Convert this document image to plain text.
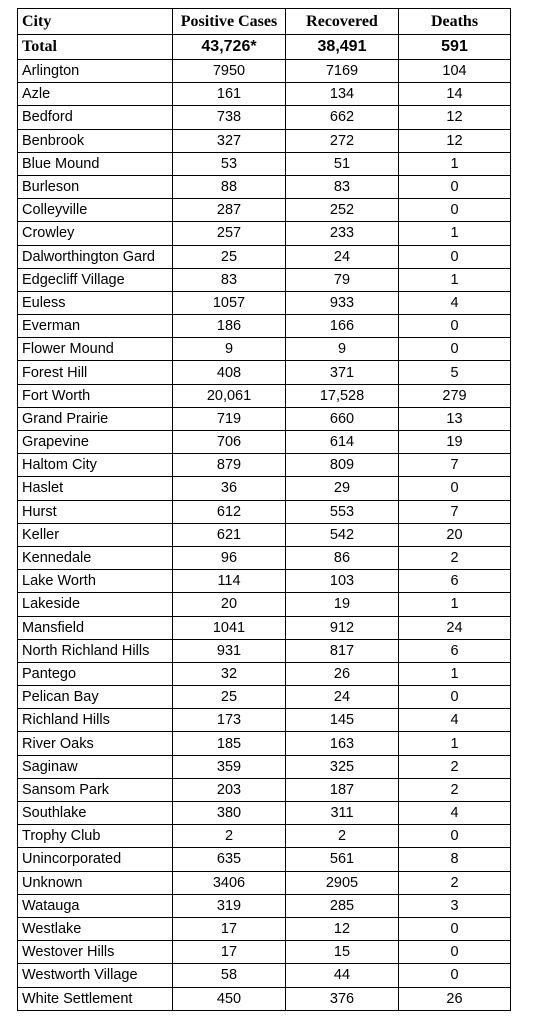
City	Positive Cases	Recovered	Deaths
Total	43,726*	38,491	591
Arlington	7950	7169	104
Azle	161	134	14
Bedford	738	662	12
Benbrook	327	272	12
Blue Mound	53	51	1
Burleson	88	83	0
Colleyville	287	252	0
Crowley	257	233	1
Dalworthington Gard	25	24	0
Edgecliff Village	83	79	1
Euless	1057	933	4
Everman	186	166	0
Flower Mound	9	9	0
Forest Hill	408	371	5
Fort Worth	20,061	17,528	279
Grand Prairie	719	660	13
Grapevine	706	614	19
Haltom City	879	809	7
Haslet	36	29	0
Hurst	612	553	7
Keller	621	542	20
Kennedale	96	86	2
Lake Worth	114	103	6
Lakeside	20	19	1
Mansfield	1041	912	24
North Richland Hills	931	817	6
Pantego	32	26	1
Pelican Bay	25	24	0
Richland Hills	173	145	4
River Oaks	185	163	1
Saginaw	359	325	2
Sansom Park	203	187	2
Southlake	380	311	4
Trophy Club	2	2	0
Unincorporated	635	561	8
Unknown	3406	2905	2
Watauga	319	285	3
Westlake	17	12	0
Westover Hills	17	15	0
Westworth Village	58	44	0
White Settlement	450	376	26
